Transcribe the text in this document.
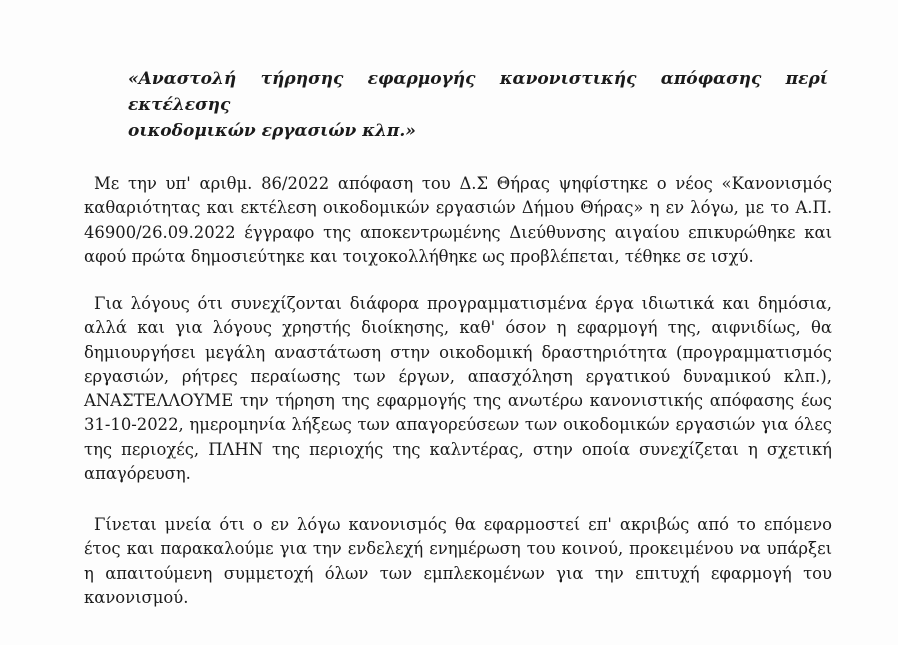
«Αναστολή τήρησης εφαρμογής κανονιστικής απόφασης περί εκτέλεσης
οικοδομικών εργασιών κλπ.»

Με την υπ' αριθμ. 86/2022 απόφαση του Δ.Σ Θήρας ψηφίστηκε ο νέος «Κανονισμός
καθαριότητας και εκτέλεση οικοδομικών εργασιών Δήμου Θήρας» η εν λόγω, με το Α.Π.
46900/26.09.2022 έγγραφο της αποκεντρωμένης Διεύθυνσης αιγαίου επικυρώθηκε και
αφού πρώτα δημοσιεύτηκε και τοιχοκολλήθηκε ως προβλέπεται, τέθηκε σε ισχύ.

Για λόγους ότι συνεχίζονται διάφορα προγραμματισμένα έργα ιδιωτικά και δημόσια,
αλλά και για λόγους χρηστής διοίκησης, καθ' όσον η εφαρμογή της, αιφνιδίως, θα
δημιουργήσει μεγάλη αναστάτωση στην οικοδομική δραστηριότητα (προγραμματισμός
εργασιών, ρήτρες περαίωσης των έργων, απασχόληση εργατικού δυναμικού κλπ.),
ΑΝΑΣΤΕΛΛΟΥΜΕ την τήρηση της εφαρμογής της ανωτέρω κανονιστικής απόφασης έως
31-10-2022, ημερομηνία λήξεως των απαγορεύσεων των οικοδομικών εργασιών για όλες
της περιοχές, ΠΛΗΝ της περιοχής της καλντέρας, στην οποία συνεχίζεται η σχετική
απαγόρευση.

Γίνεται μνεία ότι ο εν λόγω κανονισμός θα εφαρμοστεί επ' ακριβώς από το επόμενο
έτος και παρακαλούμε για την ενδελεχή ενημέρωση του κοινού, προκειμένου να υπάρξει
η απαιτούμενη συμμετοχή όλων των εμπλεκομένων για την επιτυχή εφαρμογή του
κανονισμού.
